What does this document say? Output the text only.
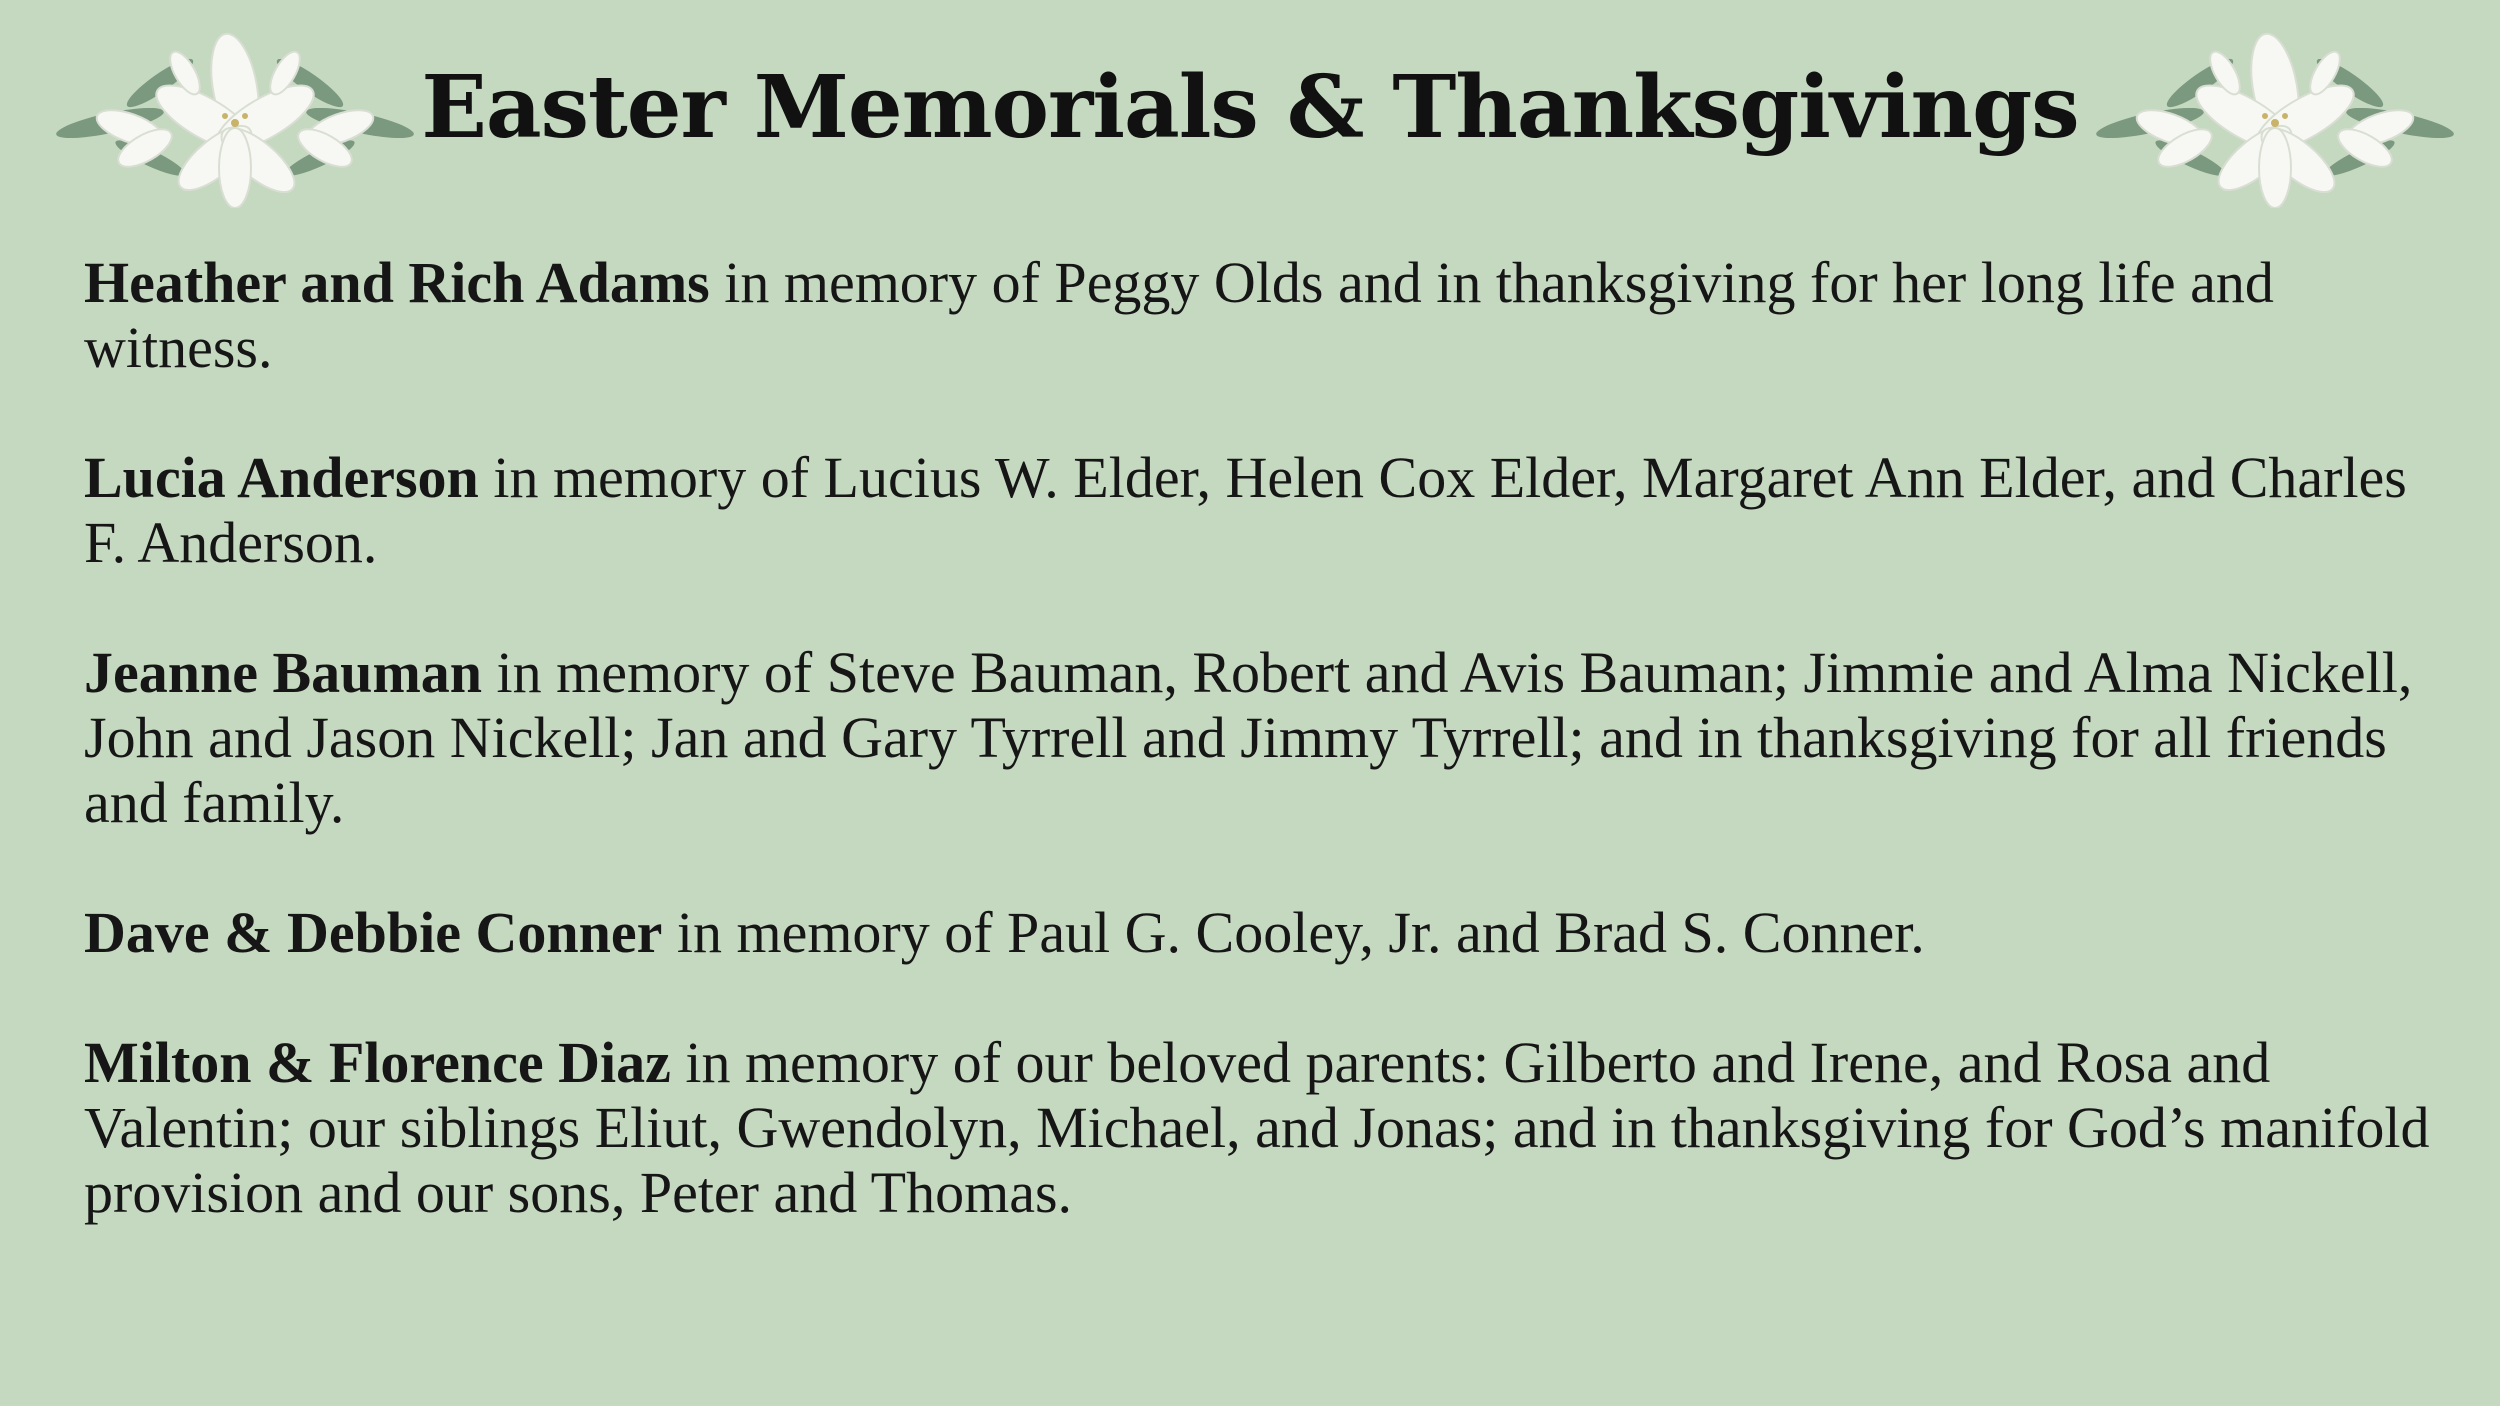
Easter Memorials & Thanksgivings

Heather and Rich Adams in memory of Peggy Olds and in thanksgiving for her long life and witness.

Lucia Anderson in memory of Lucius W. Elder, Helen Cox Elder, Margaret Ann Elder, and Charles F. Anderson.

Jeanne Bauman in memory of Steve Bauman, Robert and Avis Bauman; Jimmie and Alma Nickell, John and Jason Nickell; Jan and Gary Tyrrell and Jimmy Tyrrell; and in thanksgiving for all friends and family.

Dave & Debbie Conner in memory of Paul G. Cooley, Jr. and Brad S. Conner.

Milton & Florence Diaz in memory of our beloved parents: Gilberto and Irene, and Rosa and Valentin; our siblings Eliut, Gwendolyn, Michael, and Jonas; and in thanksgiving for God’s manifold provision and our sons, Peter and Thomas.
